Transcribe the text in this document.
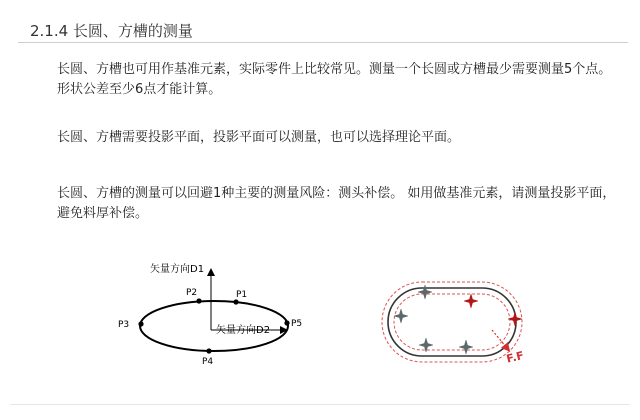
2.1.4 长圆、方槽的测量

长圆、方槽也可用作基准元素，实际零件上比较常见。测量一个长圆或方槽最少需要测量5个点。

形状公差至少6点才能计算。

长圆、方槽需要投影平面，投影平面可以测量，也可以选择理论平面。

长圆、方槽的测量可以回避1种主要的测量风险：测头补偿。 如用做基准元素，请测量投影平面，

避免料厚补偿。

矢量方向D1
矢量方向D2
P2	P1
P3	P5
P4	F.F
